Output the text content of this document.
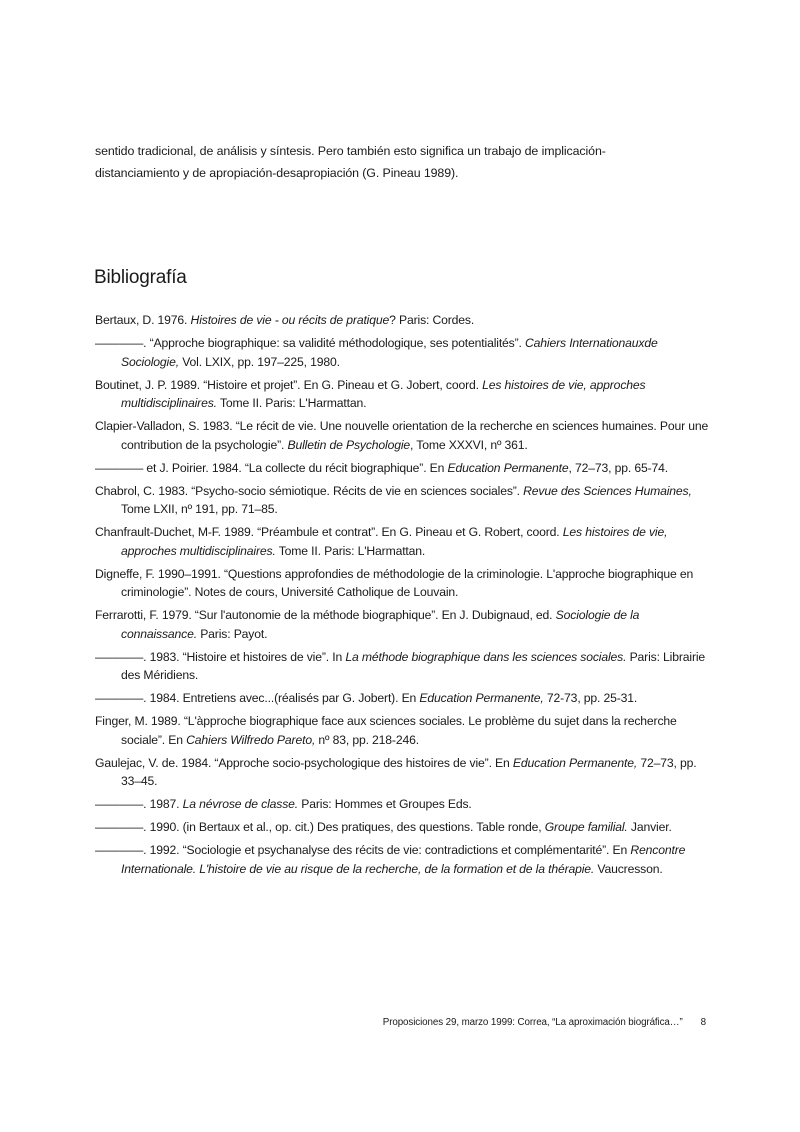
sentido tradicional, de análisis y síntesis. Pero también esto significa un trabajo de implicación-
distanciamiento y de apropiación-desapropiación (G. Pineau 1989).
Bibliografía
Bertaux, D. 1976. Histoires de vie - ou récits de pratique? Paris: Cordes.
————. “Approche biographique: sa validité méthodologique, ses potentialités”. Cahiers Internationauxde Sociologie, Vol. LXIX, pp. 197–225, 1980.
Boutinet, J. P. 1989. “Histoire et projet”. En G. Pineau et G. Jobert, coord. Les histoires de vie, approches multidisciplinaires. Tome II. Paris: L'Harmattan.
Clapier-Valladon, S. 1983. “Le récit de vie. Une nouvelle orientation de la recherche en sciences humaines. Pour une contribution de la psychologie”. Bulletin de Psychologie, Tome XXXVI, nº 361.
———— et J. Poirier. 1984. “La collecte du récit biographique”. En Education Permanente, 72–73, pp. 65-74.
Chabrol, C. 1983. “Psycho-socio sémiotique. Récits de vie en sciences sociales”. Revue des Sciences Humaines, Tome LXII, nº 191, pp. 71–85.
Chanfrault-Duchet, M-F. 1989. “Préambule et contrat”. En G. Pineau et G. Robert, coord. Les histoires de vie, approches multidisciplinaires. Tome II. Paris: L'Harmattan.
Digneffe, F. 1990–1991. “Questions approfondies de méthodologie de la criminologie. L'approche biographique en criminologie”. Notes de cours, Université Catholique de Louvain.
Ferrarotti, F. 1979. “Sur l'autonomie de la méthode biographique”. En J. Dubignaud, ed. Sociologie de la connaissance. Paris: Payot.
————. 1983. “Histoire et histoires de vie”. In La méthode biographique dans les sciences sociales. Paris: Librairie des Méridiens.
————. 1984. Entretiens avec...(réalisés par G. Jobert). En Education Permanente, 72-73, pp. 25-31.
Finger, M. 1989. “L'àpproche biographique face aux sciences sociales. Le problème du sujet dans la recherche sociale”. En Cahiers Wilfredo Pareto, nº 83, pp. 218-246.
Gaulejac, V. de. 1984. “Approche socio-psychologique des histoires de vie”. En Education Permanente, 72–73, pp. 33–45.
————. 1987. La névrose de classe. Paris: Hommes et Groupes Eds.
————. 1990. (in Bertaux et al., op. cit.) Des pratiques, des questions. Table ronde, Groupe familial. Janvier.
————. 1992. “Sociologie et psychanalyse des récits de vie: contradictions et complémentarité”. En Rencontre Internationale. L'histoire de vie au risque de la recherche, de la formation et de la thérapie. Vaucresson.
Proposiciones 29, marzo 1999: Correa, “La aproximación biográfica…” 8
